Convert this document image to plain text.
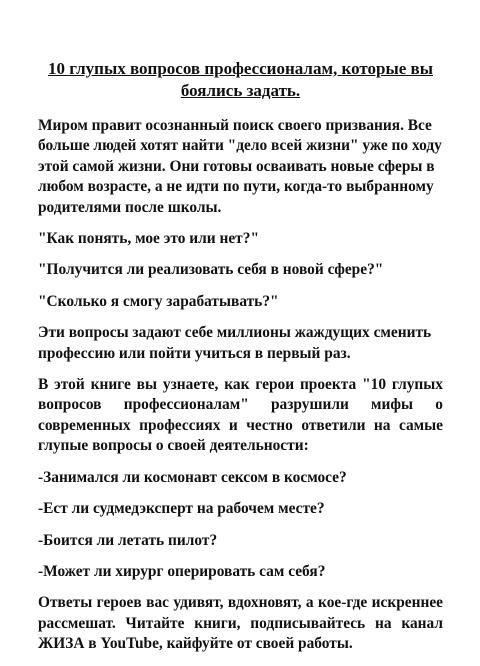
10 глупых вопросов профессионалам, которые вы боялись задать.

Миром правит осознанный поиск своего призвания. Все больше людей хотят найти "дело всей жизни" уже по ходу этой самой жизни. Они готовы осваивать новые сферы в любом возрасте, а не идти по пути, когда-то выбранному родителями после школы.

"Как понять, мое это или нет?"

"Получится ли реализовать себя в новой сфере?"

"Сколько я смогу зарабатывать?"

Эти вопросы задают себе миллионы жаждущих сменить профессию или пойти учиться в первый раз.

В этой книге вы узнаете, как герои проекта "10 глупых вопросов профессионалам" разрушили мифы о современных профессиях и честно ответили на самые глупые вопросы о своей деятельности:

-Занимался ли космонавт сексом в космосе?

-Ест ли судмедэксперт на рабочем месте?

-Боится ли летать пилот?

-Может ли хирург оперировать сам себя?

Ответы героев вас удивят, вдохновят, а кое-где искреннее рассмешат. Читайте книги, подписывайтесь на канал ЖИЗА в YouTube, кайфуйте от своей работы.
